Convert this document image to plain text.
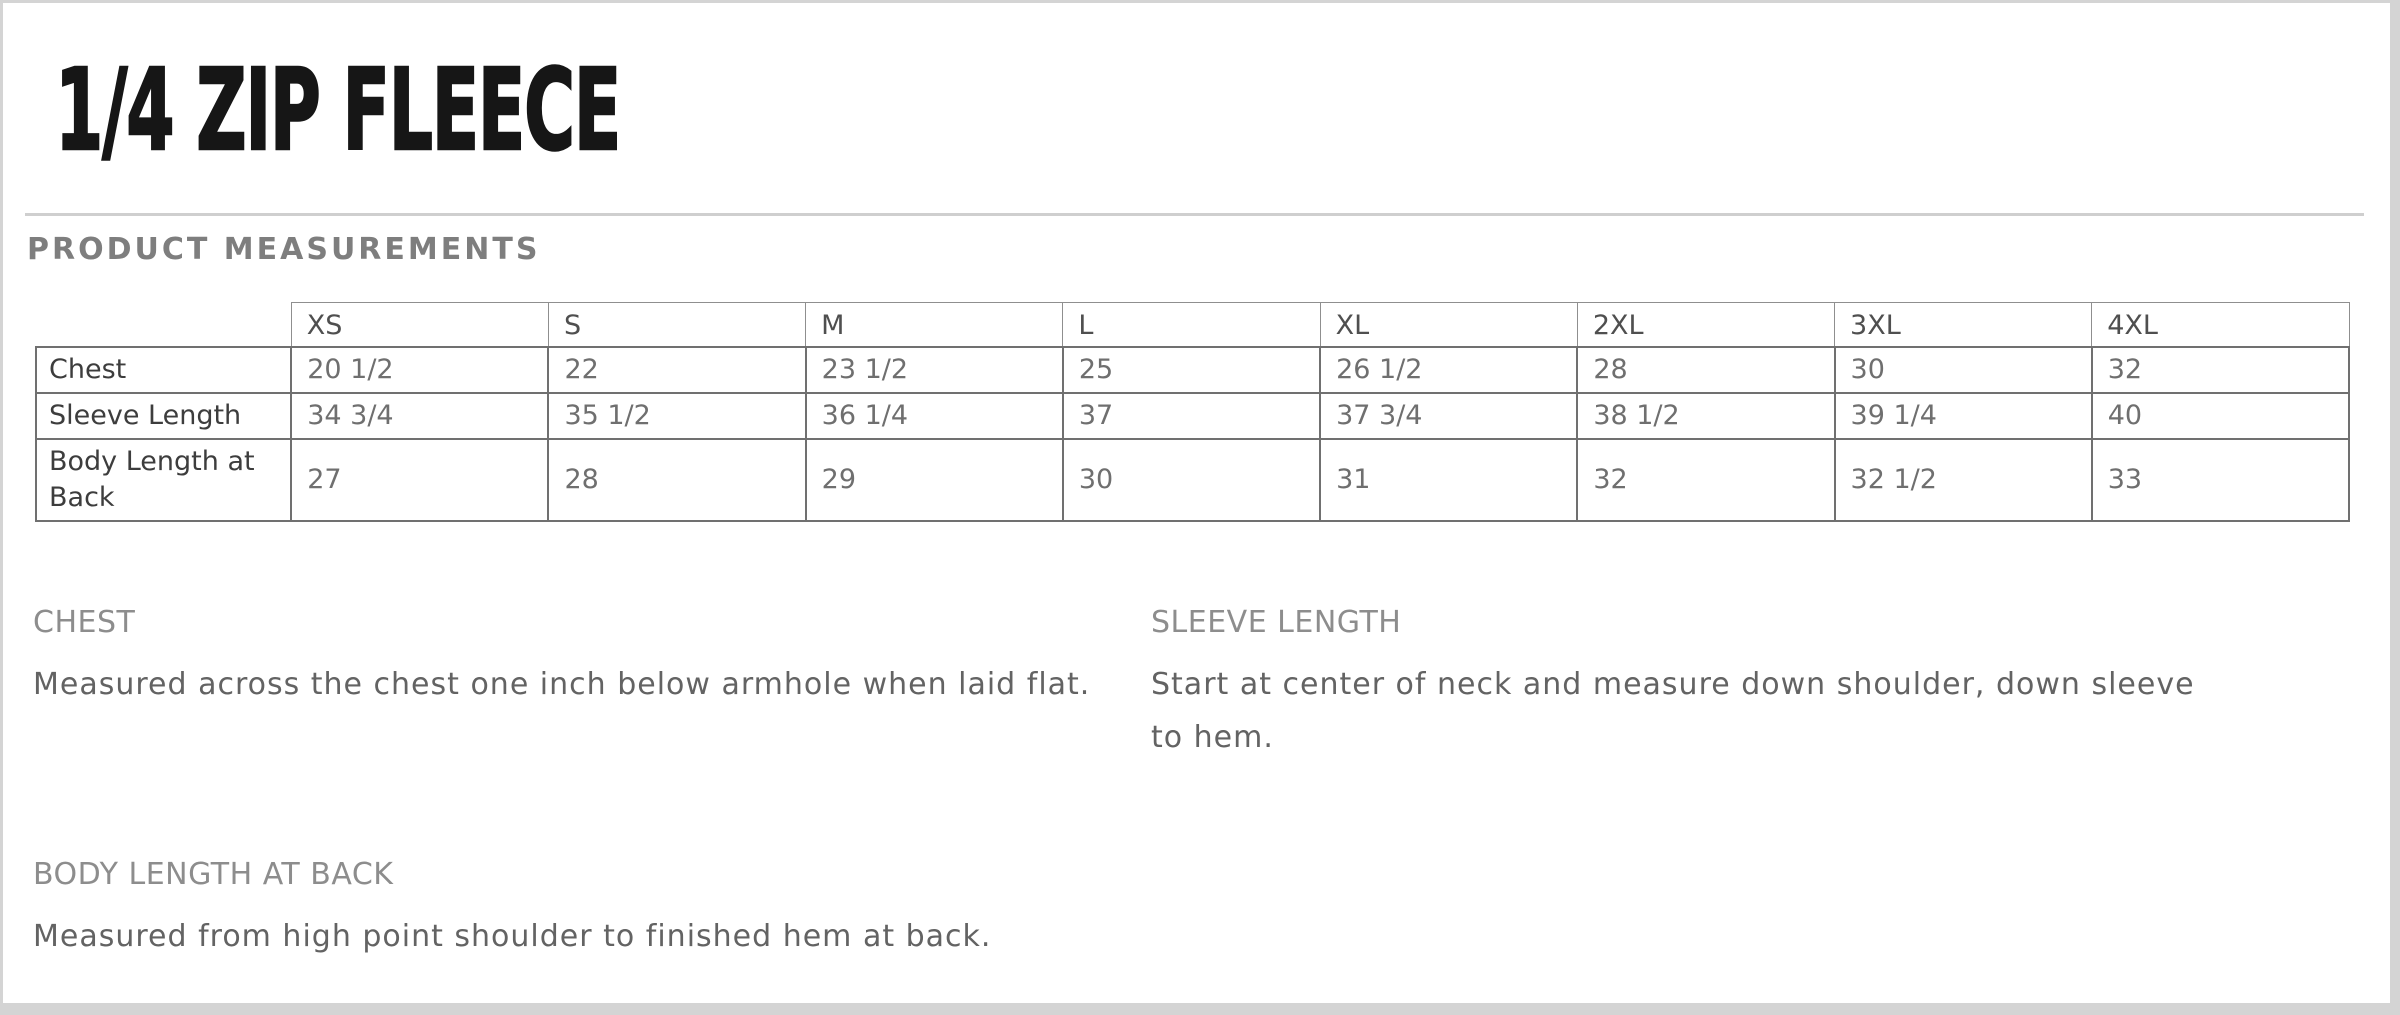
1/4 ZIP FLEECE
PRODUCT MEASUREMENTS
	XS	S	M	L	XL	2XL	3XL	4XL
Chest	20 1/2	22	23 1/2	25	26 1/2	28	30	32
Sleeve Length	34 3/4	35 1/2	36 1/4	37	37 3/4	38 1/2	39 1/4	40
Body Length at Back	27	28	29	30	31	32	32 1/2	33
CHEST

Measured across the chest one inch below armhole when laid flat.

SLEEVE LENGTH

Start at center of neck and measure down shoulder, down sleeve to hem.

BODY LENGTH AT BACK

Measured from high point shoulder to finished hem at back.
